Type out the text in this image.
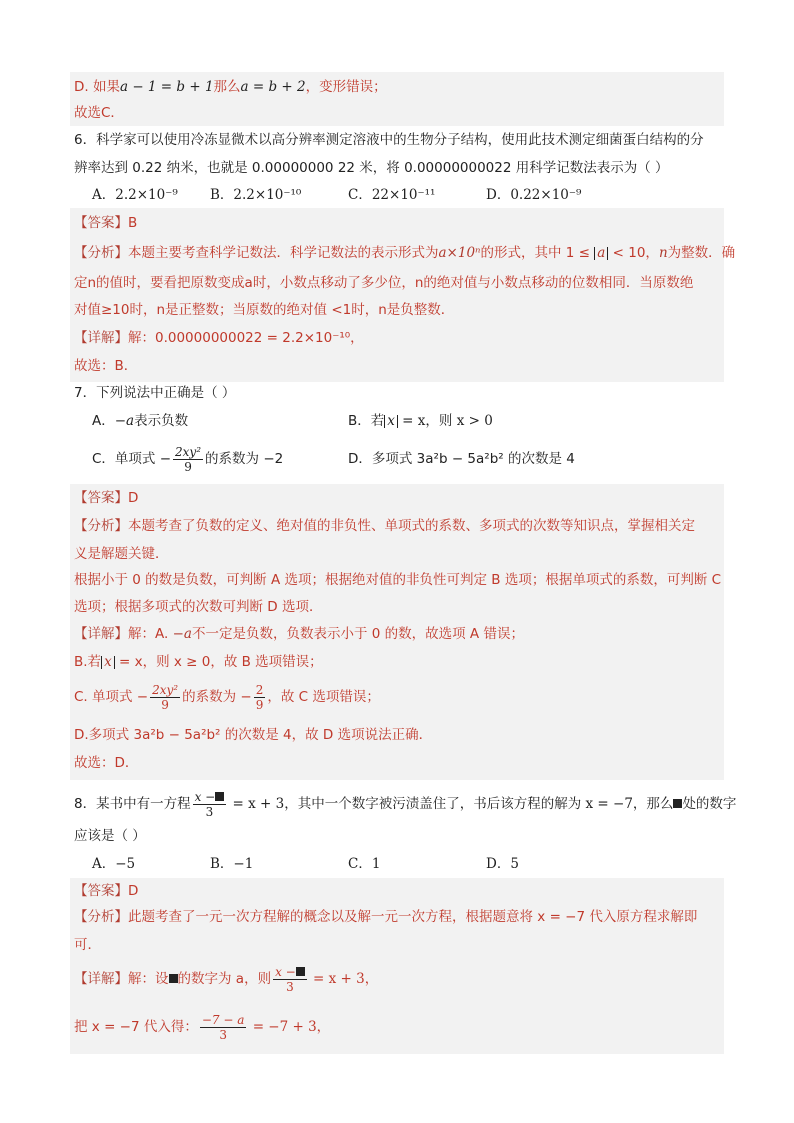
D. 如果a − 1 = b + 1那么a = b + 2，变形错误；
故选C．
6．科学家可以使用冷冻显微术以高分辨率测定溶液中的生物分子结构，使用此技术测定细菌蛋白结构的分
辨率达到 0.22 纳米，也就是 0.00000000 22 米，将 0.00000000022 用科学记数法表示为（ ）
A．2.2×10⁻⁹ B．2.2×10⁻¹⁰	C．22×10⁻¹¹	D．0.22×10⁻⁹
【答案】B
【分析】本题主要考查科学记数法．科学记数法的表示形式为a×10ⁿ的形式，其中 1 ≤ a < 10，n为整数．确
定n的值时，要看把原数变成a时，小数点移动了多少位，n的绝对值与小数点移动的位数相同．当原数绝
对值≥10时，n是正整数；当原数的绝对值 <1时，n是负整数．
【详解】解：0.00000000022 = 2.2×10⁻¹⁰，
故选：B．
7．下列说法中正确是（ ）
A．−a表示负数	B．若 x = x，则 x > 0
C．单项式 − $\frac{\text{2xy²}}{9}$ 的系数为 −2	D．多项式 3a²b − 5a²b² 的次数是 4
【答案】D
【分析】本题考查了负数的定义、绝对值的非负性、单项式的系数、多项式的次数等知识点，掌握相关定
义是解题关键．
根据小于 0 的数是负数，可判断 A 选项；根据绝对值的非负性可判定 B 选项；根据单项式的系数，可判断 C
选项；根据多项式的次数可判断 D 选项．
【详解】解：A. −a不一定是负数，负数表示小于 0 的数，故选项 A 错误；
B.若 x = x，则 x ≥ 0，故 B 选项错误；
C. 单项式 − $\frac{\text{2xy²}}{9}$ 的系数为 − $\frac{2}{9}$ ，故 C 选项错误；
D.多项式 3a²b − 5a²b² 的次数是 4，故 D 选项说法正确．
故选：D．
8．某书中有一方程 $\frac{x -}{3} = x + 3$，其中一个数字被污渍盖住了，书后该方程的解为 x = −7，那么 处的数字
应该是（ ）
A．−5	B．−1	C．1	D．5
【答案】D
【分析】此题考查了一元一次方程解的概念以及解一元一次方程，根据题意将 x = −7 代入原方程求解即
可．
【详解】解：设 的数字为 a，则 $\frac{x -}{3} = x + 3$，
把 x = −7 代入得： $\frac{-7 - a}{3} = -7 + 3$，
